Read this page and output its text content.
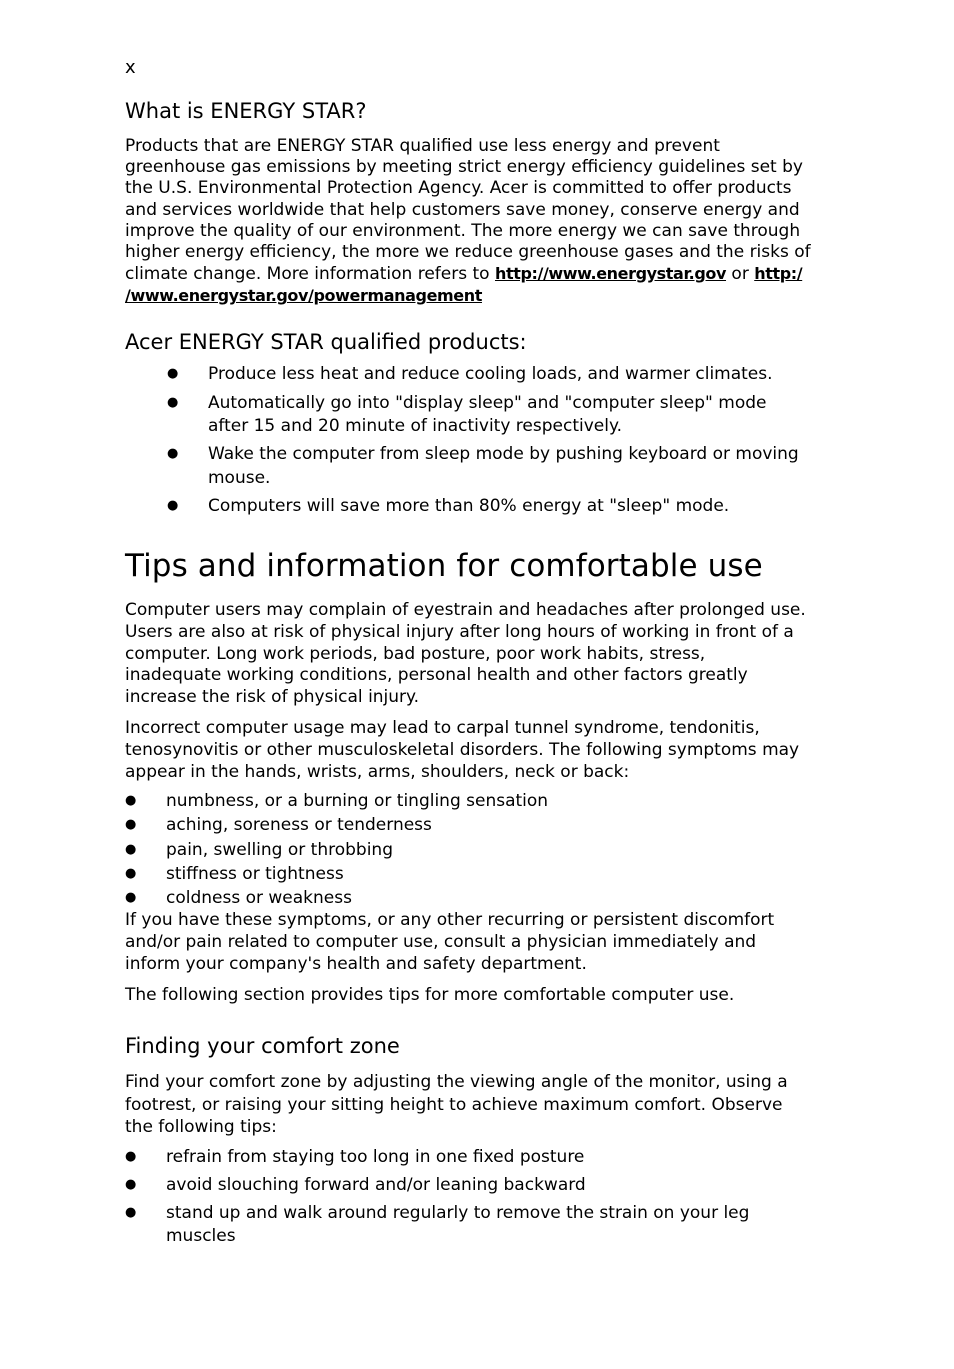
x
What is ENERGY STAR?
Products that are ENERGY STAR qualified use less energy and prevent
greenhouse gas emissions by meeting strict energy efficiency guidelines set by
the U.S. Environmental Protection Agency. Acer is committed to offer products
and services worldwide that help customers save money, conserve energy and
improve the quality of our environment. The more energy we can save through
higher energy efficiency, the more we reduce greenhouse gases and the risks of
climate change. More information refers to http://www.energystar.gov or http:/
/www.energystar.gov/powermanagement
Acer ENERGY STAR qualified products:
● Produce less heat and reduce cooling loads, and warmer climates.
● Automatically go into "display sleep" and "computer sleep" mode
after 15 and 20 minute of inactivity respectively.
● Wake the computer from sleep mode by pushing keyboard or moving
mouse.
● Computers will save more than 80% energy at "sleep" mode.
Tips and information for comfortable use
Computer users may complain of eyestrain and headaches after prolonged use.
Users are also at risk of physical injury after long hours of working in front of a
computer. Long work periods, bad posture, poor work habits, stress,
inadequate working conditions, personal health and other factors greatly
increase the risk of physical injury.
Incorrect computer usage may lead to carpal tunnel syndrome, tendonitis,
tenosynovitis or other musculoskeletal disorders. The following symptoms may
appear in the hands, wrists, arms, shoulders, neck or back:
● numbness, or a burning or tingling sensation
● aching, soreness or tenderness
● pain, swelling or throbbing
● stiffness or tightness
● coldness or weakness
If you have these symptoms, or any other recurring or persistent discomfort
and/or pain related to computer use, consult a physician immediately and
inform your company's health and safety department.
The following section provides tips for more comfortable computer use.
Finding your comfort zone
Find your comfort zone by adjusting the viewing angle of the monitor, using a
footrest, or raising your sitting height to achieve maximum comfort. Observe
the following tips:
● refrain from staying too long in one fixed posture
● avoid slouching forward and/or leaning backward
● stand up and walk around regularly to remove the strain on your leg
muscles
